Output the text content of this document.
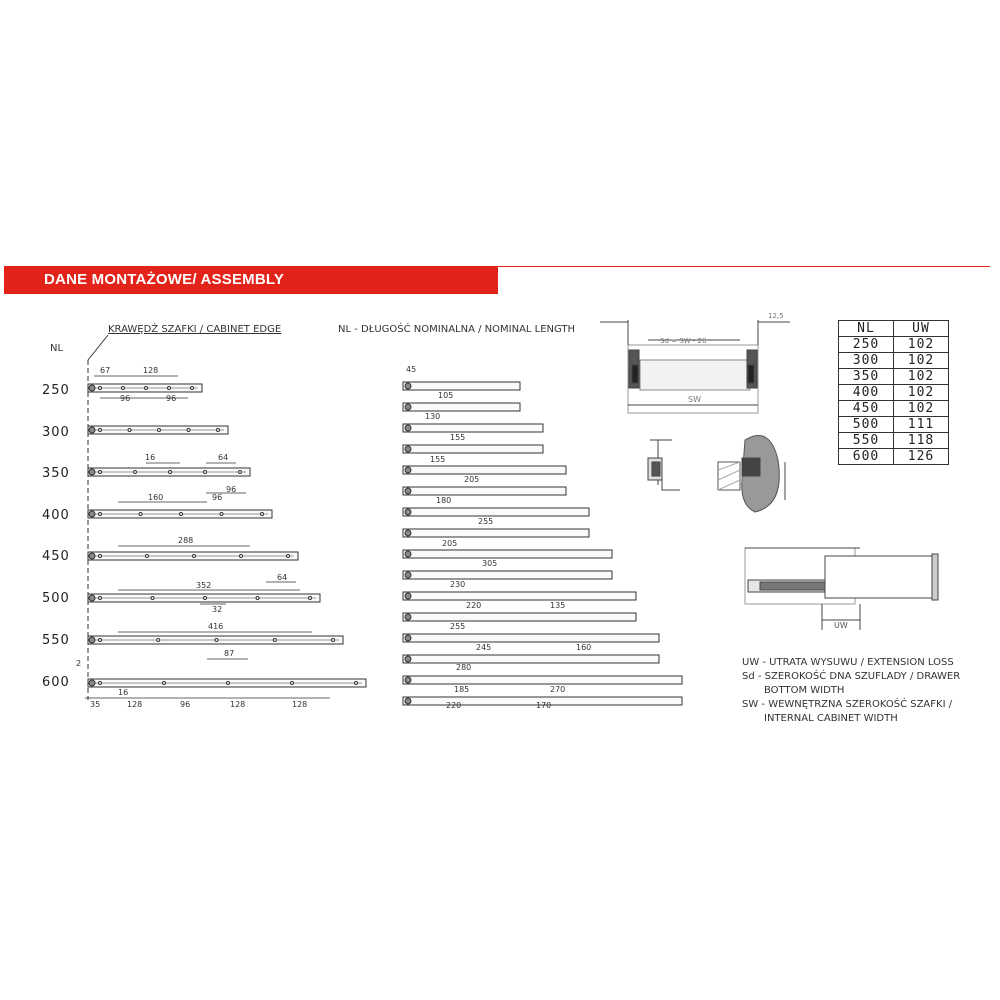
DANE MONTAŻOWE/ ASSEMBLY
KRAWĘDŹ SZAFKI / CABINET EDGE	NL - DŁUGOŚĆ NOMINALNA / NOMINAL LENGTH
NL
250
300
350
400
450
500
550
600
67	128
96	96
16	64
160	96
96
288
352
64
32
416
87
2
16
35	128	96	128	128
45
105
130
155
155
205
180
255
205
305
230
220	135
255
245	160
280
185	270
220	170
Sd = SW - 26
SW
12,5
UW
NL	UW
250	102
300	102
350	102
400	102
450	102
500	111
550	118
600	126
UW - UTRATA WYSUWU / EXTENSION LOSS
Sd - SZEROKOŚĆ DNA SZUFLADY / DRAWER
BOTTOM WIDTH
SW - WEWNĘTRZNA SZEROKOŚĆ SZAFKI /
INTERNAL CABINET WIDTH
